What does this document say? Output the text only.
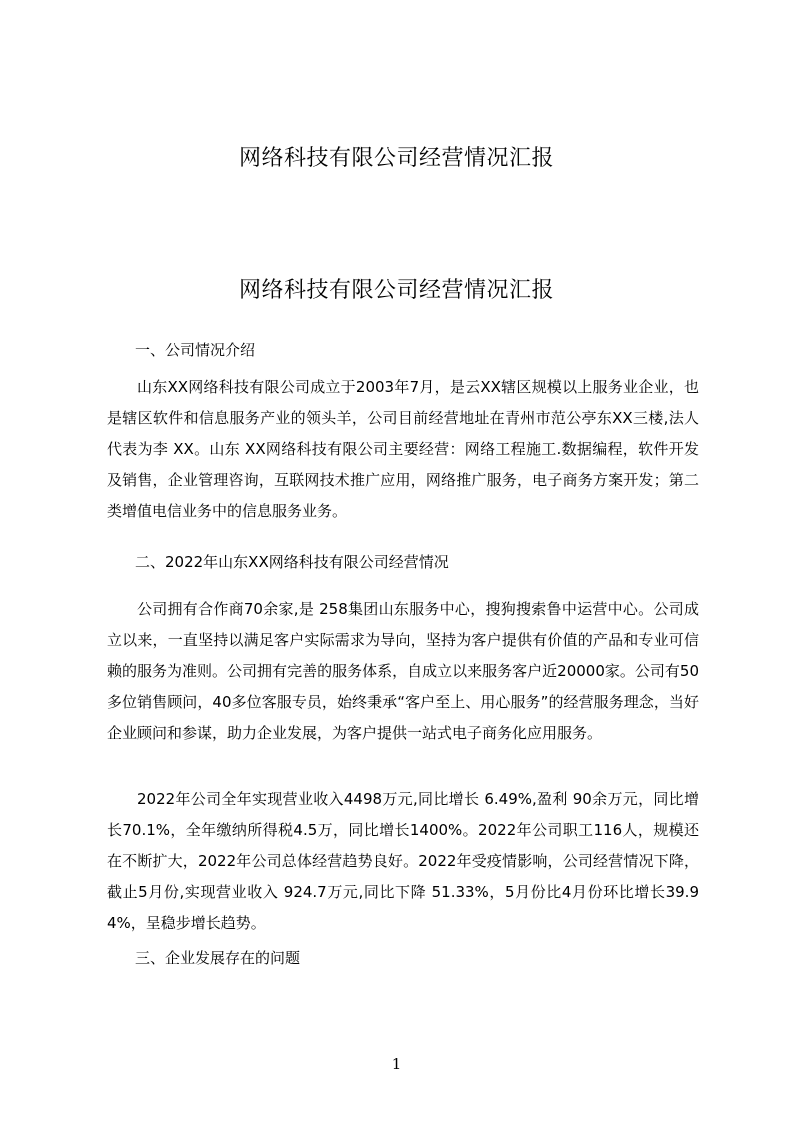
网络科技有限公司经营情况汇报
网络科技有限公司经营情况汇报
一、公司情况介绍

山东XX网络科技有限公司成立于2003年7月，是云XX辖区规模以上服务业企业，也是辖区软件和信息服务产业的领头羊，公司目前经营地址在青州市范公亭东XX三楼,法人代表为李 XX。山东 XX网络科技有限公司主要经营：网络工程施工.数据编程，软件开发及销售，企业管理咨询，互联网技术推广应用，网络推广服务，电子商务方案开发；第二类增值电信业务中的信息服务业务。

二、2022年山东XX网络科技有限公司经营情况

公司拥有合作商70余家,是 258集团山东服务中心，搜狗搜索鲁中运营中心。公司成立以来，一直坚持以满足客户实际需求为导向，坚持为客户提供有价值的产品和专业可信赖的服务为准则。公司拥有完善的服务体系，自成立以来服务客户近20000家。公司有50多位销售顾问，40多位客服专员，始终秉承“客户至上、用心服务”的经营服务理念，当好企业顾问和参谋，助力企业发展，为客户提供一站式电子商务化应用服务。

2022年公司全年实现营业收入4498万元,同比增长 6.49%,盈利 90余万元，同比增长70.1%，全年缴纳所得税4.5万，同比增长1400%。2022年公司职工116人，规模还在不断扩大，2022年公司总体经营趋势良好。2022年受疫情影响，公司经营情况下降，截止5月份,实现营业收入 924.7万元,同比下降 51.33%，5月份比4月份环比增长39.94%，呈稳步增长趋势。

三、企业发展存在的问题
1
